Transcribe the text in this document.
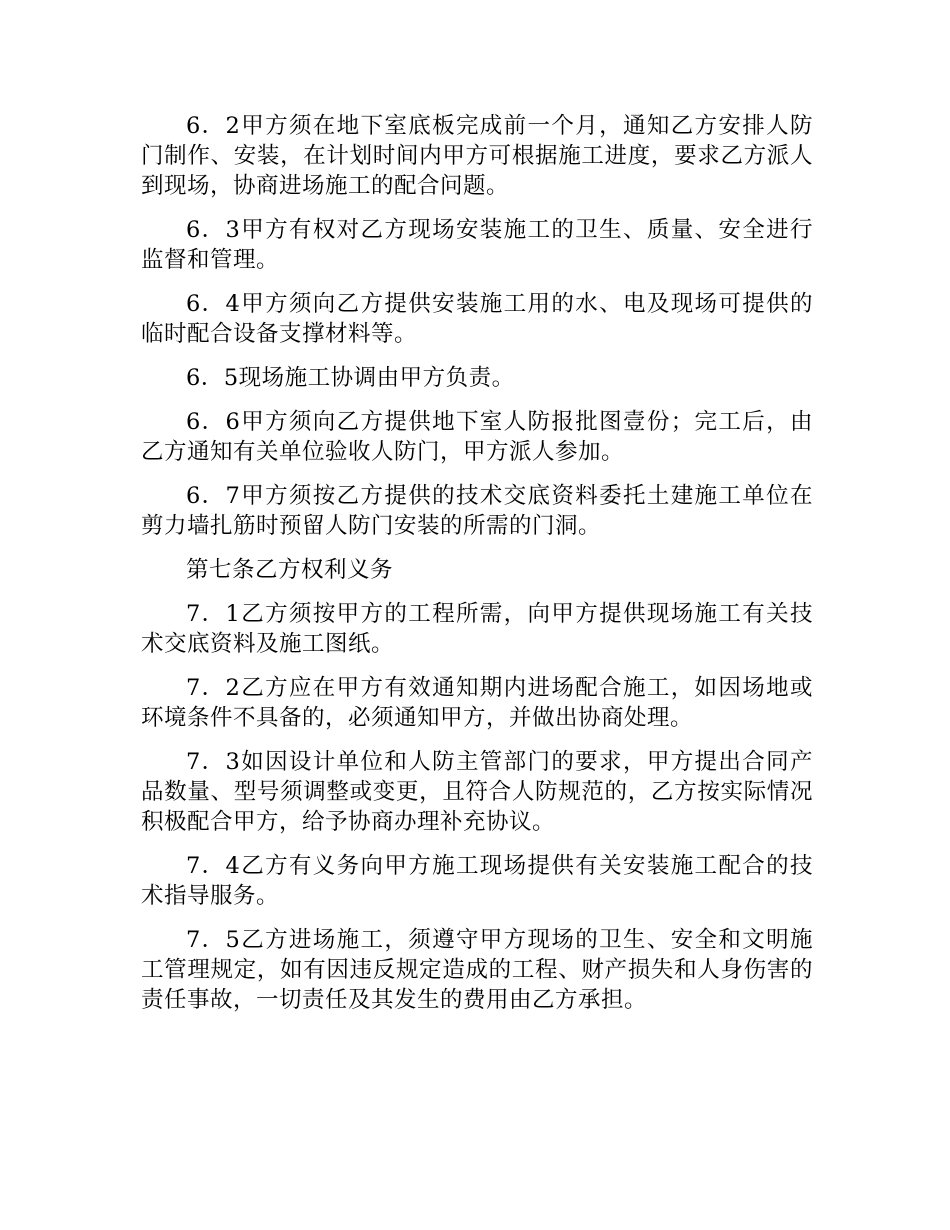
6．2甲方须在地下室底板完成前一个月，通知乙方安排人防门制作、安装，在计划时间内甲方可根据施工进度，要求乙方派人到现场，协商进场施工的配合问题。

6．3甲方有权对乙方现场安装施工的卫生、质量、安全进行监督和管理。

6．4甲方须向乙方提供安装施工用的水、电及现场可提供的临时配合设备支撑材料等。

6．5现场施工协调由甲方负责。

6．6甲方须向乙方提供地下室人防报批图壹份；完工后，由乙方通知有关单位验收人防门，甲方派人参加。

6．7甲方须按乙方提供的技术交底资料委托土建施工单位在剪力墙扎筋时预留人防门安装的所需的门洞。

第七条乙方权利义务

7．1乙方须按甲方的工程所需，向甲方提供现场施工有关技术交底资料及施工图纸。

7．2乙方应在甲方有效通知期内进场配合施工，如因场地或环境条件不具备的，必须通知甲方，并做出协商处理。

7．3如因设计单位和人防主管部门的要求，甲方提出合同产品数量、型号须调整或变更，且符合人防规范的，乙方按实际情况积极配合甲方，给予协商办理补充协议。

7．4乙方有义务向甲方施工现场提供有关安装施工配合的技术指导服务。

7．5乙方进场施工，须遵守甲方现场的卫生、安全和文明施工管理规定，如有因违反规定造成的工程、财产损失和人身伤害的责任事故，一切责任及其发生的费用由乙方承担。
